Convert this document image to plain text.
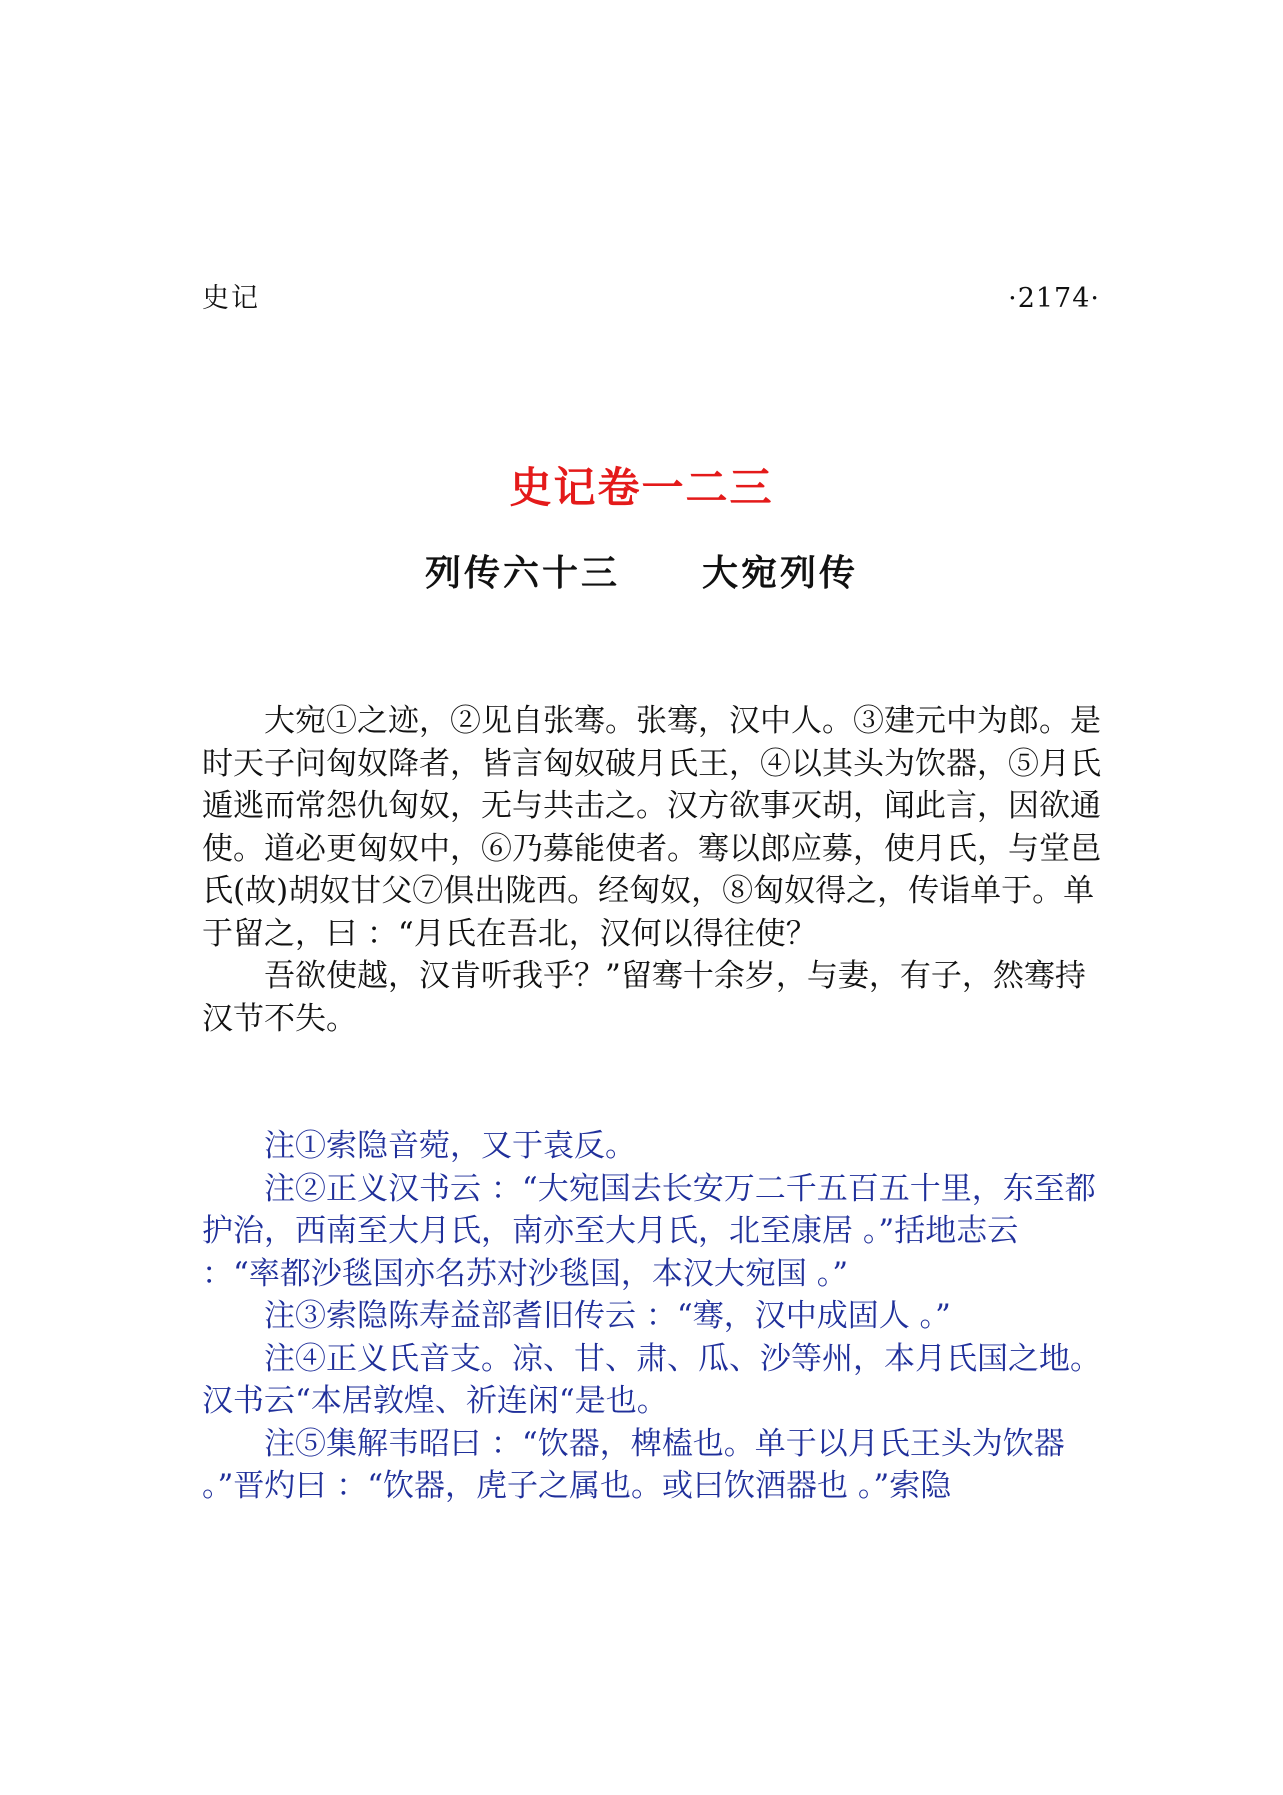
史记	·2174·
史记卷一二三
列传六十三 大宛列传

大宛①之迹，②见自张骞。张骞，汉中人。③建元中为郎。是时天子问匈奴降者，皆言匈奴破月氏王，④以其头为饮器，⑤月氏遁逃而常怨仇匈奴，无与共击之。汉方欲事灭胡，闻此言，因欲通使。道必更匈奴中，⑥乃募能使者。骞以郎应募，使月氏，与堂邑氏(故)胡奴甘父⑦俱出陇西。经匈奴，⑧匈奴得之，传诣单于。单于留之，曰 ：“月氏在吾北，汉何以得往使？

吾欲使越，汉肯听我乎？”留骞十余岁，与妻，有子，然骞持汉节不失。

注①索隐音菀，又于袁反。

注②正义汉书云 ：“大宛国去长安万二千五百五十里，东至都护治，西南至大月氏，南亦至大月氏，北至康居 。”括地志云 ：“率都沙毯国亦名苏对沙毯国，本汉大宛国 。”

注③索隐陈寿益部耆旧传云 ：“骞，汉中成固人 。”

注④正义氏音支。凉、甘、肃、瓜、沙等州，本月氏国之地。汉书云“本居敦煌、祈连闲“是也。

注⑤集解韦昭曰 ：“饮器，椑榼也。单于以月氏王头为饮器 。”晋灼曰 ：“饮器，虎子之属也。或曰饮酒器也 。”索隐
